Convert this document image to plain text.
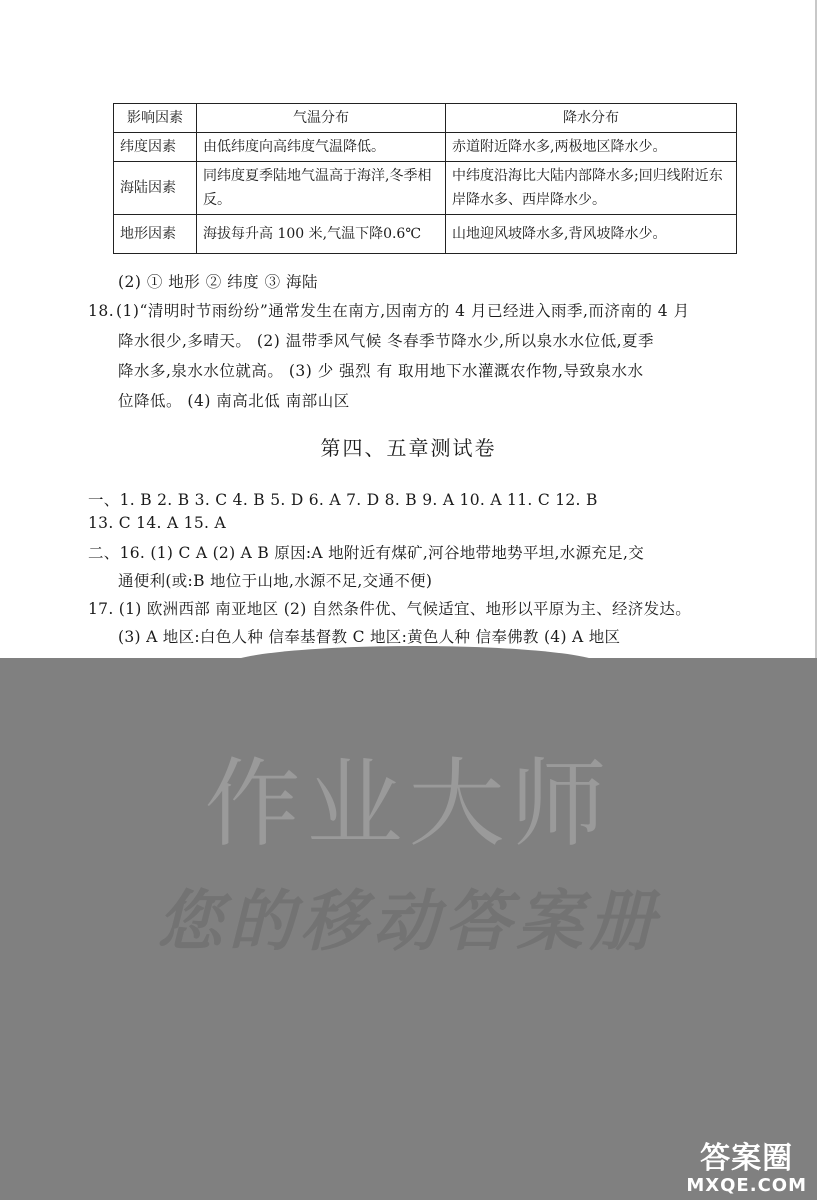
影响因素	气温分布	降水分布
纬度因素	由低纬度向高纬度气温降低。	赤道附近降水多,两极地区降水少。
海陆因素	同纬度夏季陆地气温高于海洋,冬季相反。	中纬度沿海比大陆内部降水多;回归线附近东岸降水多、西岸降水少。
地形因素	海拔每升高 100 米,气温下降0.6℃	山地迎风坡降水多,背风坡降水少。
(2) ① 地形 ② 纬度 ③ 海陆
18. (1)“清明时节雨纷纷”通常发生在南方,因南方的 4 月已经进入雨季,而济南的 4 月
降水很少,多晴天。 (2) 温带季风气候 冬春季节降水少,所以泉水水位低,夏季
降水多,泉水水位就高。 (3) 少 强烈 有 取用地下水灌溉农作物,导致泉水水
位降低。 (4) 南高北低 南部山区
第四、五章测试卷
一、1. B 2. B 3. C 4. B 5. D 6. A 7. D 8. B 9. A 10. A 11. C 12. B
13. C 14. A 15. A
二、16. (1) C A (2) A B 原因:A 地附近有煤矿,河谷地带地势平坦,水源充足,交
通便利(或:B 地位于山地,水源不足,交通不便)
17. (1) 欧洲西部 南亚地区 (2) 自然条件优、气候适宜、地形以平原为主、经济发达。
(3) A 地区:白色人种 信奉基督教 C 地区:黄色人种 信奉佛教 (4) A 地区
作业大师
您的移动答案册
答案圈
MXQE.COM
